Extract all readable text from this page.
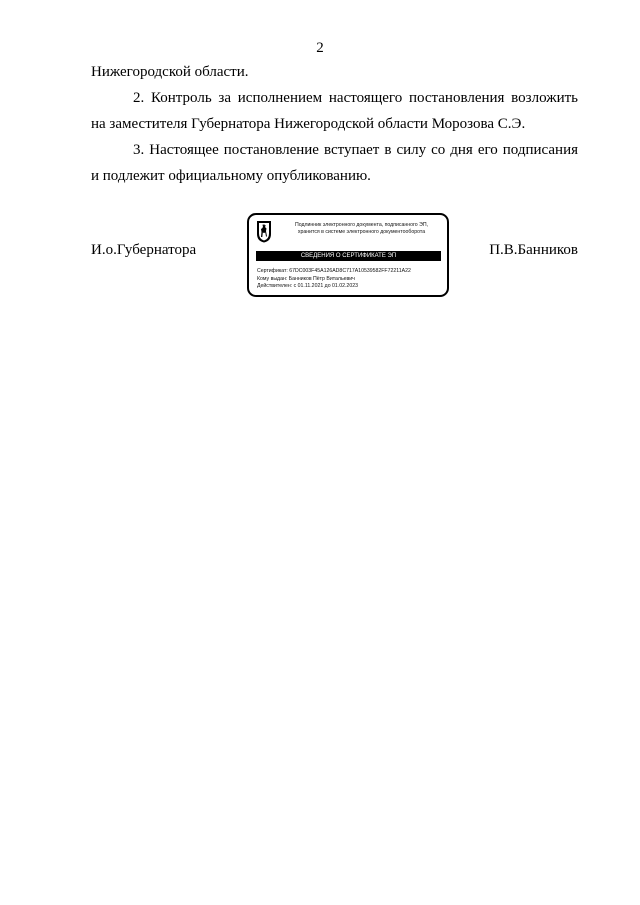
2
Нижегородской области.
2. Контроль за исполнением настоящего постановления возложить
на заместителя Губернатора Нижегородской области Морозова С.Э.
3. Настоящее постановление вступает в силу со дня его подписания
и подлежит официальному опубликованию.
И.о.Губернатора	П.В.Банников
Подлинник электронного документа, подписанного ЭП,
хранится в системе электронного документооборота
СВЕДЕНИЯ О СЕРТИФИКАТЕ ЭП
Сертификат: 67DC003F45A126AD8C717A10539582FF72211A22
Кому выдан: Банников Пётр Витальевич
Действителен: с 01.11.2021 до 01.02.2023
